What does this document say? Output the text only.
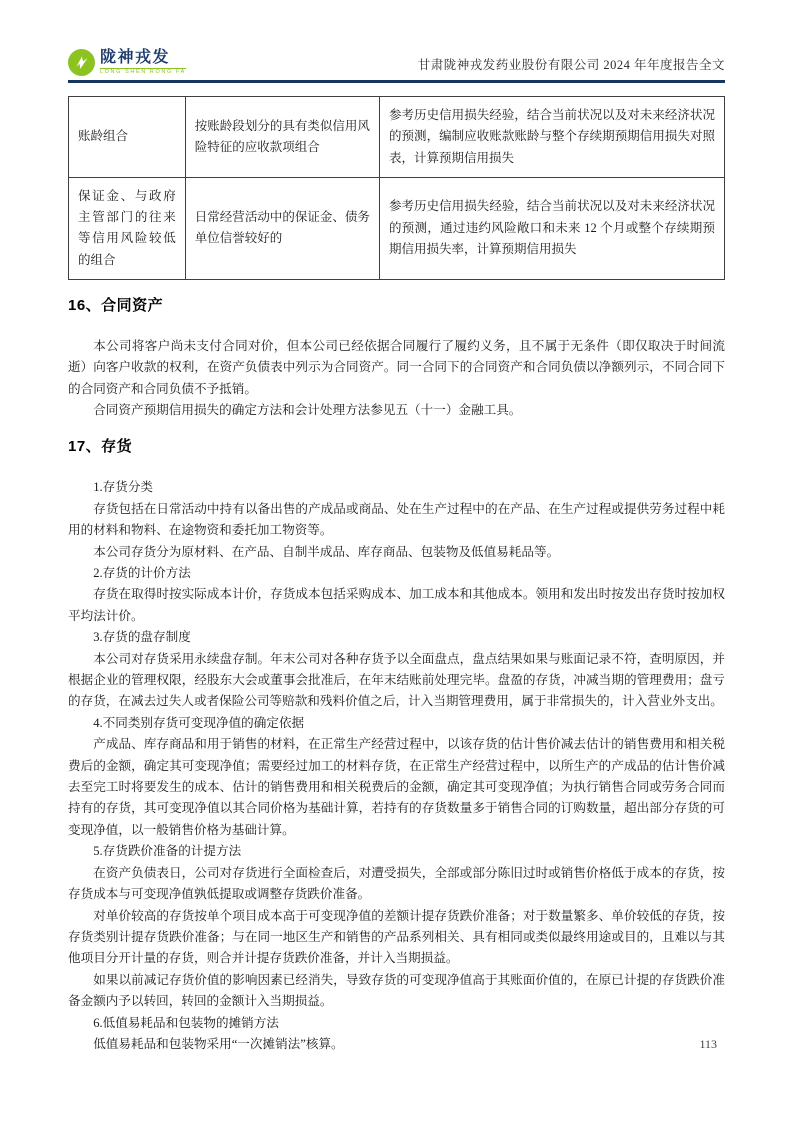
陇神戎发
LONG SHEN RONG FA	甘肃陇神戎发药业股份有限公司 2024 年年度报告全文
账龄组合	按账龄段划分的具有类似信用风险特征的应收款项组合	参考历史信用损失经验，结合当前状况以及对未来经济状况的预测，编制应收账款账龄与整个存续期预期信用损失对照表，计算预期信用损失
保证金、与政府主管部门的往来等信用风险较低的组合	日常经营活动中的保证金、债务单位信誉较好的	参考历史信用损失经验，结合当前状况以及对未来经济状况的预测，通过违约风险敞口和未来 12 个月或整个存续期预期信用损失率，计算预期信用损失
16、合同资产

本公司将客户尚未支付合同对价，但本公司已经依据合同履行了履约义务，且不属于无条件（即仅取决于时间流逝）向客户收款的权利，在资产负债表中列示为合同资产。同一合同下的合同资产和合同负债以净额列示，不同合同下的合同资产和合同负债不予抵销。

合同资产预期信用损失的确定方法和会计处理方法参见五（十一）金融工具。

17、存货

1.存货分类

存货包括在日常活动中持有以备出售的产成品或商品、处在生产过程中的在产品、在生产过程或提供劳务过程中耗用的材料和物料、在途物资和委托加工物资等。

本公司存货分为原材料、在产品、自制半成品、库存商品、包装物及低值易耗品等。

2.存货的计价方法

存货在取得时按实际成本计价，存货成本包括采购成本、加工成本和其他成本。领用和发出时按发出存货时按加权平均法计价。

3.存货的盘存制度

本公司对存货采用永续盘存制。年末公司对各种存货予以全面盘点，盘点结果如果与账面记录不符，查明原因，并根据企业的管理权限，经股东大会或董事会批准后，在年末结账前处理完毕。盘盈的存货，冲减当期的管理费用；盘亏的存货，在减去过失人或者保险公司等赔款和残料价值之后，计入当期管理费用，属于非常损失的，计入营业外支出。

4.不同类别存货可变现净值的确定依据

产成品、库存商品和用于销售的材料，在正常生产经营过程中，以该存货的估计售价减去估计的销售费用和相关税费后的金额，确定其可变现净值；需要经过加工的材料存货，在正常生产经营过程中，以所生产的产成品的估计售价减去至完工时将要发生的成本、估计的销售费用和相关税费后的金额，确定其可变现净值；为执行销售合同或劳务合同而持有的存货，其可变现净值以其合同价格为基础计算，若持有的存货数量多于销售合同的订购数量，超出部分存货的可变现净值，以一般销售价格为基础计算。

5.存货跌价准备的计提方法

在资产负债表日，公司对存货进行全面检查后，对遭受损失，全部或部分陈旧过时或销售价格低于成本的存货，按存货成本与可变现净值孰低提取或调整存货跌价准备。

对单价较高的存货按单个项目成本高于可变现净值的差额计提存货跌价准备；对于数量繁多、单价较低的存货，按存货类别计提存货跌价准备；与在同一地区生产和销售的产品系列相关、具有相同或类似最终用途或目的，且难以与其他项目分开计量的存货，则合并计提存货跌价准备，并计入当期损益。

如果以前减记存货价值的影响因素已经消失，导致存货的可变现净值高于其账面价值的，在原已计提的存货跌价准备金额内予以转回，转回的金额计入当期损益。

6.低值易耗品和包装物的摊销方法

低值易耗品和包装物采用“一次摊销法”核算。	113
